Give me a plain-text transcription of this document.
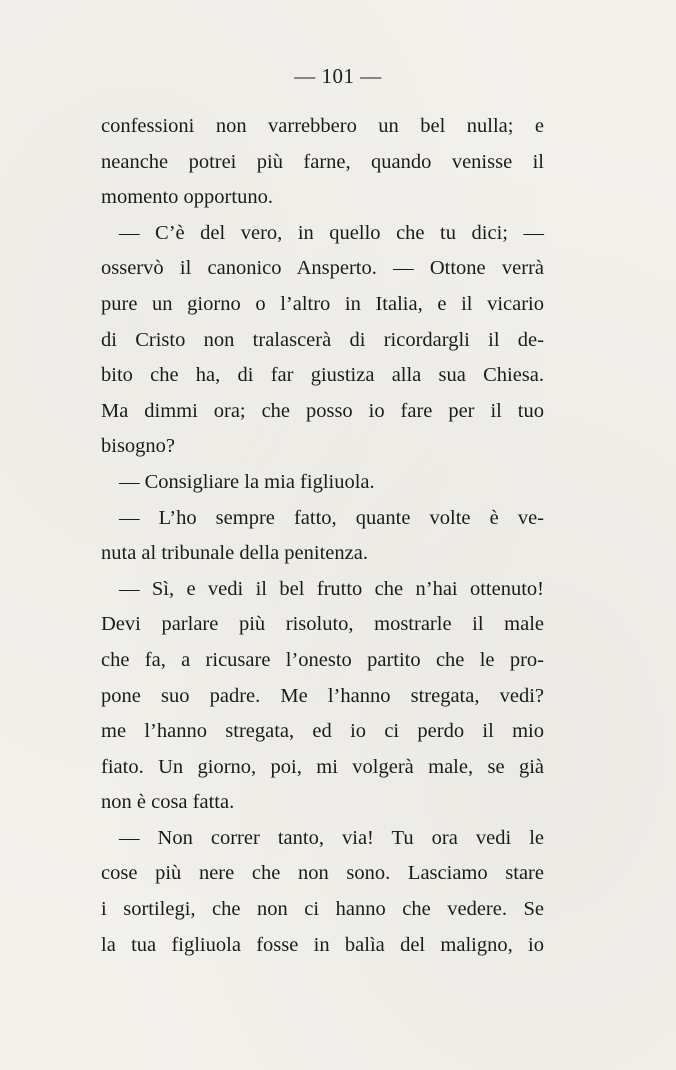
— 101 —
confessioni non varrebbero un bel nulla; e
neanche potrei più farne, quando venisse il
momento opportuno.
— C’è del vero, in quello che tu dici; —
osservò il canonico Ansperto. — Ottone verrà
pure un giorno o l’altro in Italia, e il vicario
di Cristo non tralascerà di ricordargli il de-
bito che ha, di far giustiza alla sua Chiesa.
Ma dimmi ora; che posso io fare per il tuo
bisogno?
— Consigliare la mia figliuola.
— L’ho sempre fatto, quante volte è ve-
nuta al tribunale della penitenza.
— Sì, e vedi il bel frutto che n’hai ottenuto!
Devi parlare più risoluto, mostrarle il male
che fa, a ricusare l’onesto partito che le pro-
pone suo padre. Me l’hanno stregata, vedi?
me l’hanno stregata, ed io ci perdo il mio
fiato. Un giorno, poi, mi volgerà male, se già
non è cosa fatta.
— Non correr tanto, via! Tu ora vedi le
cose più nere che non sono. Lasciamo stare
i sortilegi, che non ci hanno che vedere. Se
la tua figliuola fosse in balìa del maligno, io
